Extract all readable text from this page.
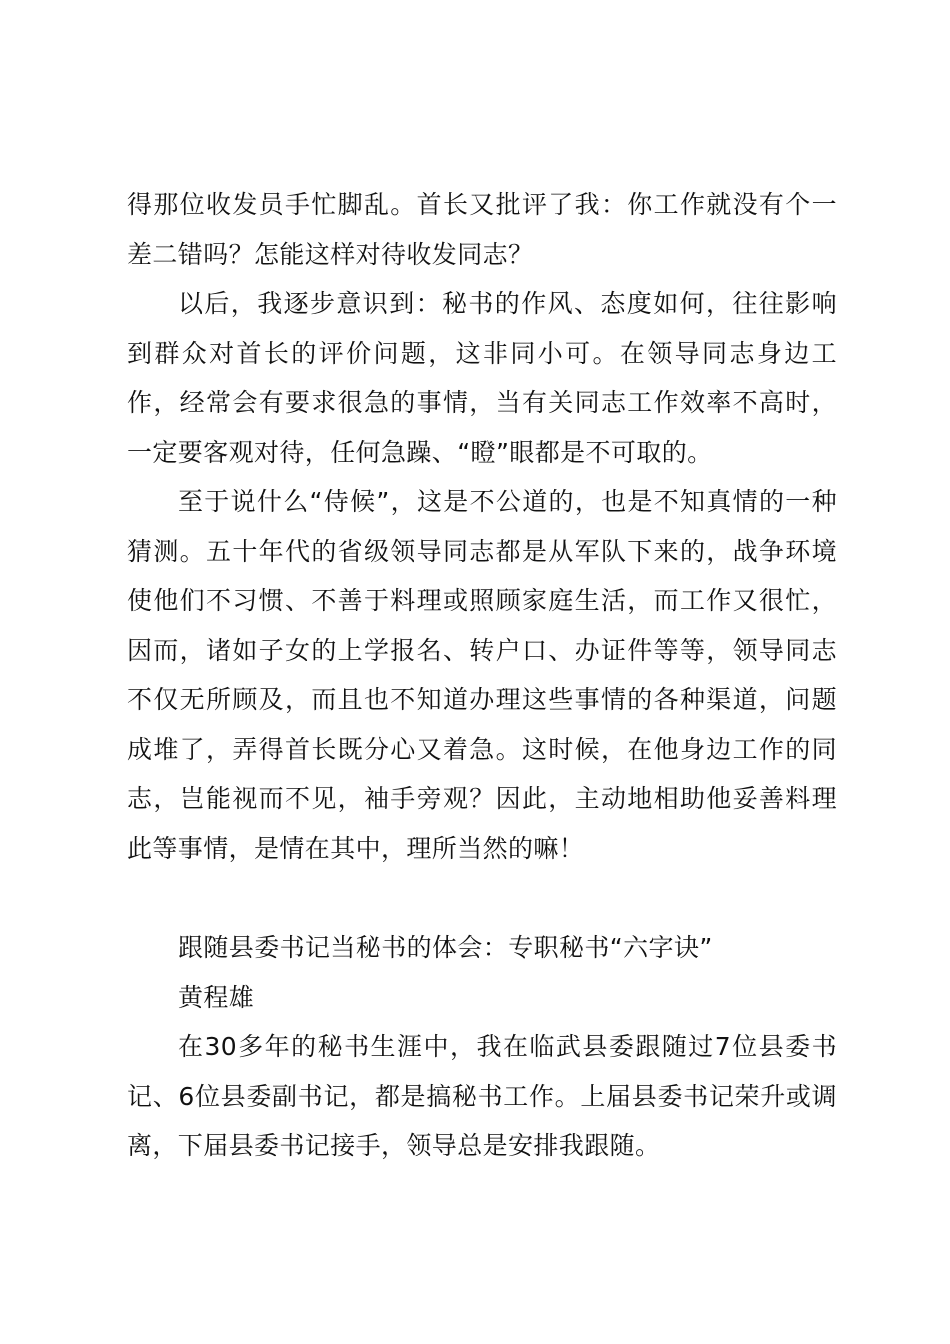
得那位收发员手忙脚乱。首长又批评了我：你工作就没有个一差二错吗？怎能这样对待收发同志？

以后，我逐步意识到：秘书的作风、态度如何，往往影响到群众对首长的评价问题，这非同小可。在领导同志身边工作，经常会有要求很急的事情，当有关同志工作效率不高时，一定要客观对待，任何急躁、“瞪”眼都是不可取的。

至于说什么“侍候”，这是不公道的，也是不知真情的一种猜测。五十年代的省级领导同志都是从军队下来的，战争环境使他们不习惯、不善于料理或照顾家庭生活，而工作又很忙，因而，诸如子女的上学报名、转户口、办证件等等，领导同志不仅无所顾及，而且也不知道办理这些事情的各种渠道，问题成堆了，弄得首长既分心又着急。这时候，在他身边工作的同志，岂能视而不见，袖手旁观？因此，主动地相助他妥善料理此等事情，是情在其中，理所当然的嘛！

跟随县委书记当秘书的体会：专职秘书“六字诀”

黄程雄

在30多年的秘书生涯中，我在临武县委跟随过7位县委书记、6位县委副书记，都是搞秘书工作。上届县委书记荣升或调离，下届县委书记接手，领导总是安排我跟随。
